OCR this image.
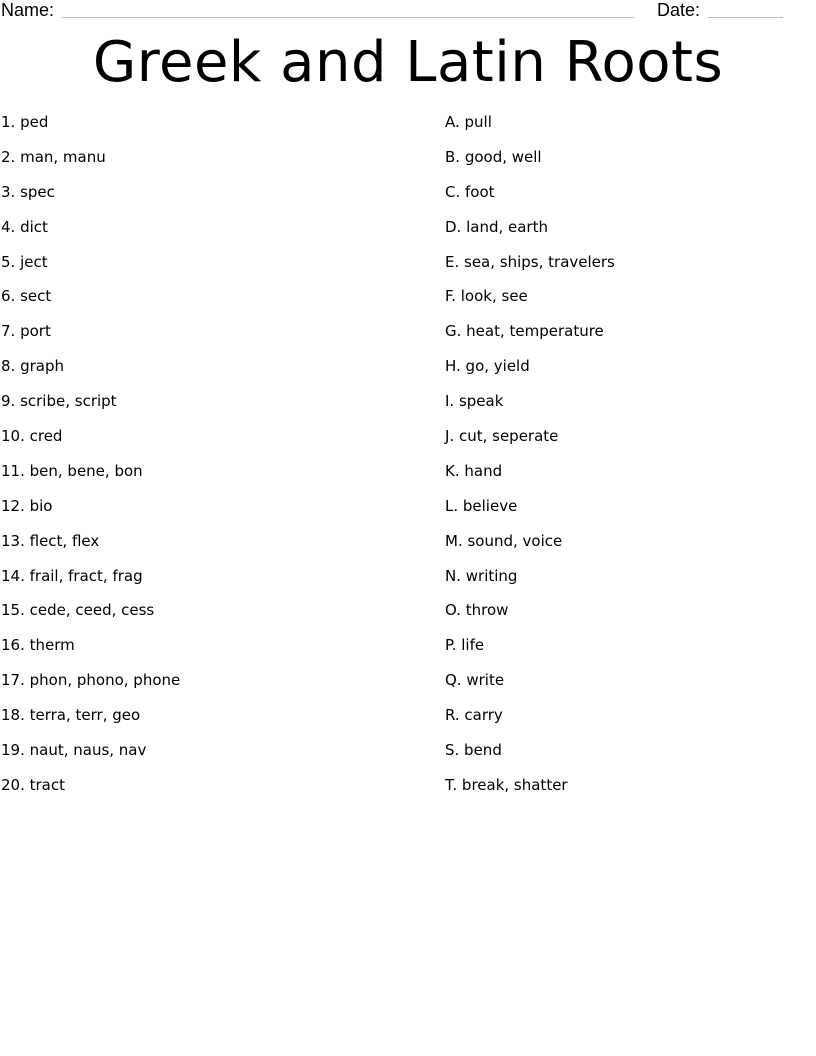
Name:	Date:
Greek and Latin Roots
1. ped
2. man, manu
3. spec
4. dict
5. ject
6. sect
7. port
8. graph
9. scribe, script
10. cred
11. ben, bene, bon
12. bio
13. flect, flex
14. frail, fract, frag
15. cede, ceed, cess
16. therm
17. phon, phono, phone
18. terra, terr, geo
19. naut, naus, nav
20. tract
A. pull
B. good, well
C. foot
D. land, earth
E. sea, ships, travelers
F. look, see
G. heat, temperature
H. go, yield
I. speak
J. cut, seperate
K. hand
L. believe
M. sound, voice
N. writing
O. throw
P. life
Q. write
R. carry
S. bend
T. break, shatter
